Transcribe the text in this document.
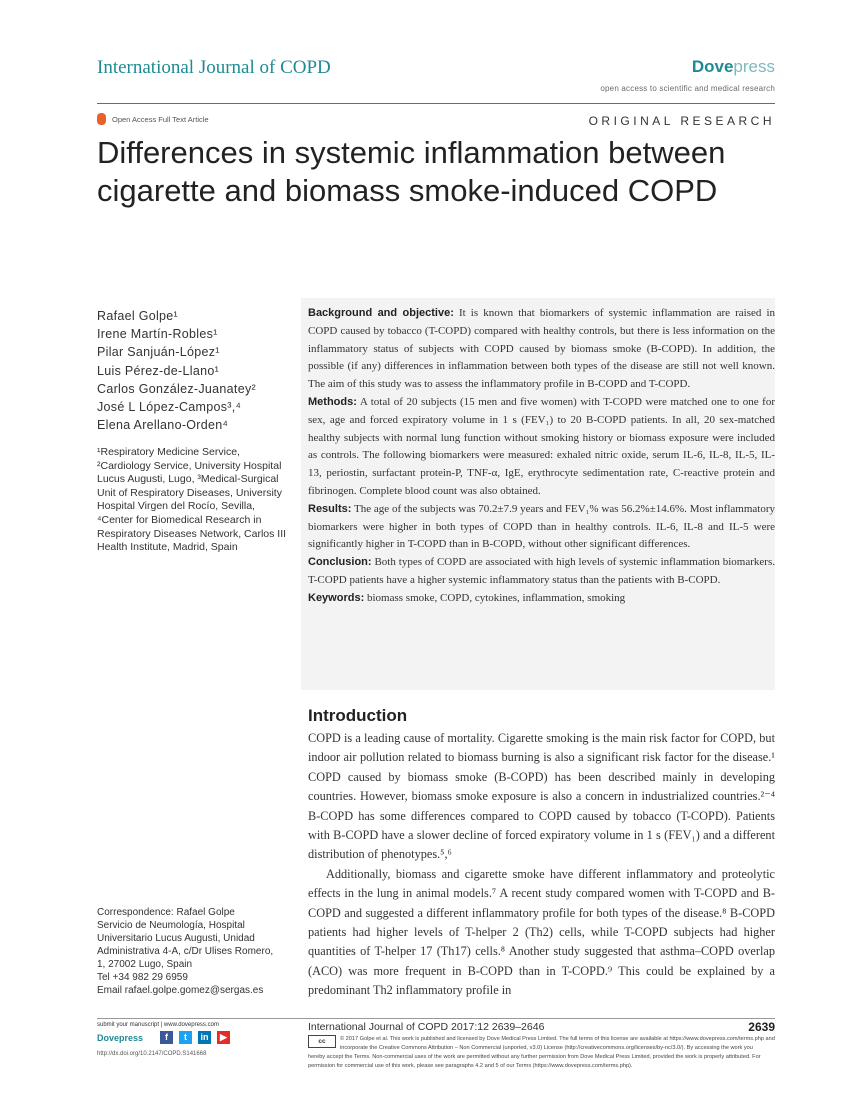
International Journal of COPD	Dovepress
open access to scientific and medical research
Open Access Full Text Article	ORIGINAL RESEARCH
Differences in systemic inflammation between
cigarette and biomass smoke-induced COPD
Rafael Golpe¹
Irene Martín-Robles¹
Pilar Sanjuán-López¹
Luis Pérez-de-Llano¹
Carlos González-Juanatey²
José L López-Campos³,⁴
Elena Arellano-Orden⁴
¹Respiratory Medicine Service, ²Cardiology Service, University Hospital Lucus Augusti, Lugo, ³Medical-Surgical Unit of Respiratory Diseases, University Hospital Virgen del Rocío, Sevilla, ⁴Center for Biomedical Research in Respiratory Diseases Network, Carlos III Health Institute, Madrid, Spain
Correspondence: Rafael Golpe
Servicio de Neumología, Hospital
Universitario Lucus Augusti, Unidad
Administrativa 4-A, c/Dr Ulises Romero,
1, 27002 Lugo, Spain
Tel +34 982 29 6959
Email rafael.golpe.gomez@sergas.es

Background and objective: It is known that biomarkers of systemic inflammation are raised in COPD caused by tobacco (T-COPD) compared with healthy controls, but there is less information on the inflammatory status of subjects with COPD caused by biomass smoke (B-COPD). In addition, the possible (if any) differences in inflammation between both types of the disease are still not well known. The aim of this study was to assess the inflammatory profile in B-COPD and T-COPD.

Methods: A total of 20 subjects (15 men and five women) with T-COPD were matched one to one for sex, age and forced expiratory volume in 1 s (FEV₁) to 20 B-COPD patients. In all, 20 sex-matched healthy subjects with normal lung function without smoking history or biomass exposure were included as controls. The following biomarkers were measured: exhaled nitric oxide, serum IL-6, IL-8, IL-5, IL-13, periostin, surfactant protein-P, TNF-α, IgE, erythrocyte sedimentation rate, C-reactive protein and fibrinogen. Complete blood count was also obtained.

Results: The age of the subjects was 70.2±7.9 years and FEV₁% was 56.2%±14.6%. Most inflammatory biomarkers were higher in both types of COPD than in healthy controls. IL-6, IL-8 and IL-5 were significantly higher in T-COPD than in B-COPD, without other significant differences.

Conclusion: Both types of COPD are associated with high levels of systemic inflammation biomarkers. T-COPD patients have a higher systemic inflammatory status than the patients with B-COPD.

Keywords: biomass smoke, COPD, cytokines, inflammation, smoking

Introduction

COPD is a leading cause of mortality. Cigarette smoking is the main risk factor for COPD, but indoor air pollution related to biomass burning is also a significant risk factor for the disease.¹ COPD caused by biomass smoke (B-COPD) has been described mainly in developing countries. However, biomass smoke exposure is also a concern in industrialized countries.²⁻⁴ B-COPD has some differences compared to COPD caused by tobacco (T-COPD). Patients with B-COPD have a slower decline of forced expiratory volume in 1 s (FEV₁) and a different distribution of phenotypes.⁵,⁶

Additionally, biomass and cigarette smoke have different inflammatory and proteolytic effects in the lung in animal models.⁷ A recent study compared women with T-COPD and B-COPD and suggested a different inflammatory profile for both types of the disease.⁸ B-COPD patients had higher levels of T-helper 2 (Th2) cells, while T-COPD subjects had higher quantities of T-helper 17 (Th17) cells.⁸ Another study suggested that asthma–COPD overlap (ACO) was more frequent in B-COPD than in T-COPD.⁹ This could be explained by a predominant Th2 inflammatory profile in

submit your manuscript | www.dovepress.com
Dovepress	f	t	in	▶
http://dx.doi.org/10.2147/COPD.S141668
International Journal of COPD 2017:12 2639–2646	2639
cc	© 2017 Golpe et al. This work is published and licensed by Dove Medical Press Limited. The full terms of this license are available at https://www.dovepress.com/terms.php and incorporate the Creative Commons Attribution – Non Commercial (unported, v3.0) License (http://creativecommons.org/licenses/by-nc/3.0/). By accessing the work you
hereby accept the Terms. Non-commercial uses of the work are permitted without any further permission from Dove Medical Press Limited, provided the work is properly attributed. For permission for commercial use of this work, please see paragraphs 4.2 and 5 of our Terms (https://www.dovepress.com/terms.php).
